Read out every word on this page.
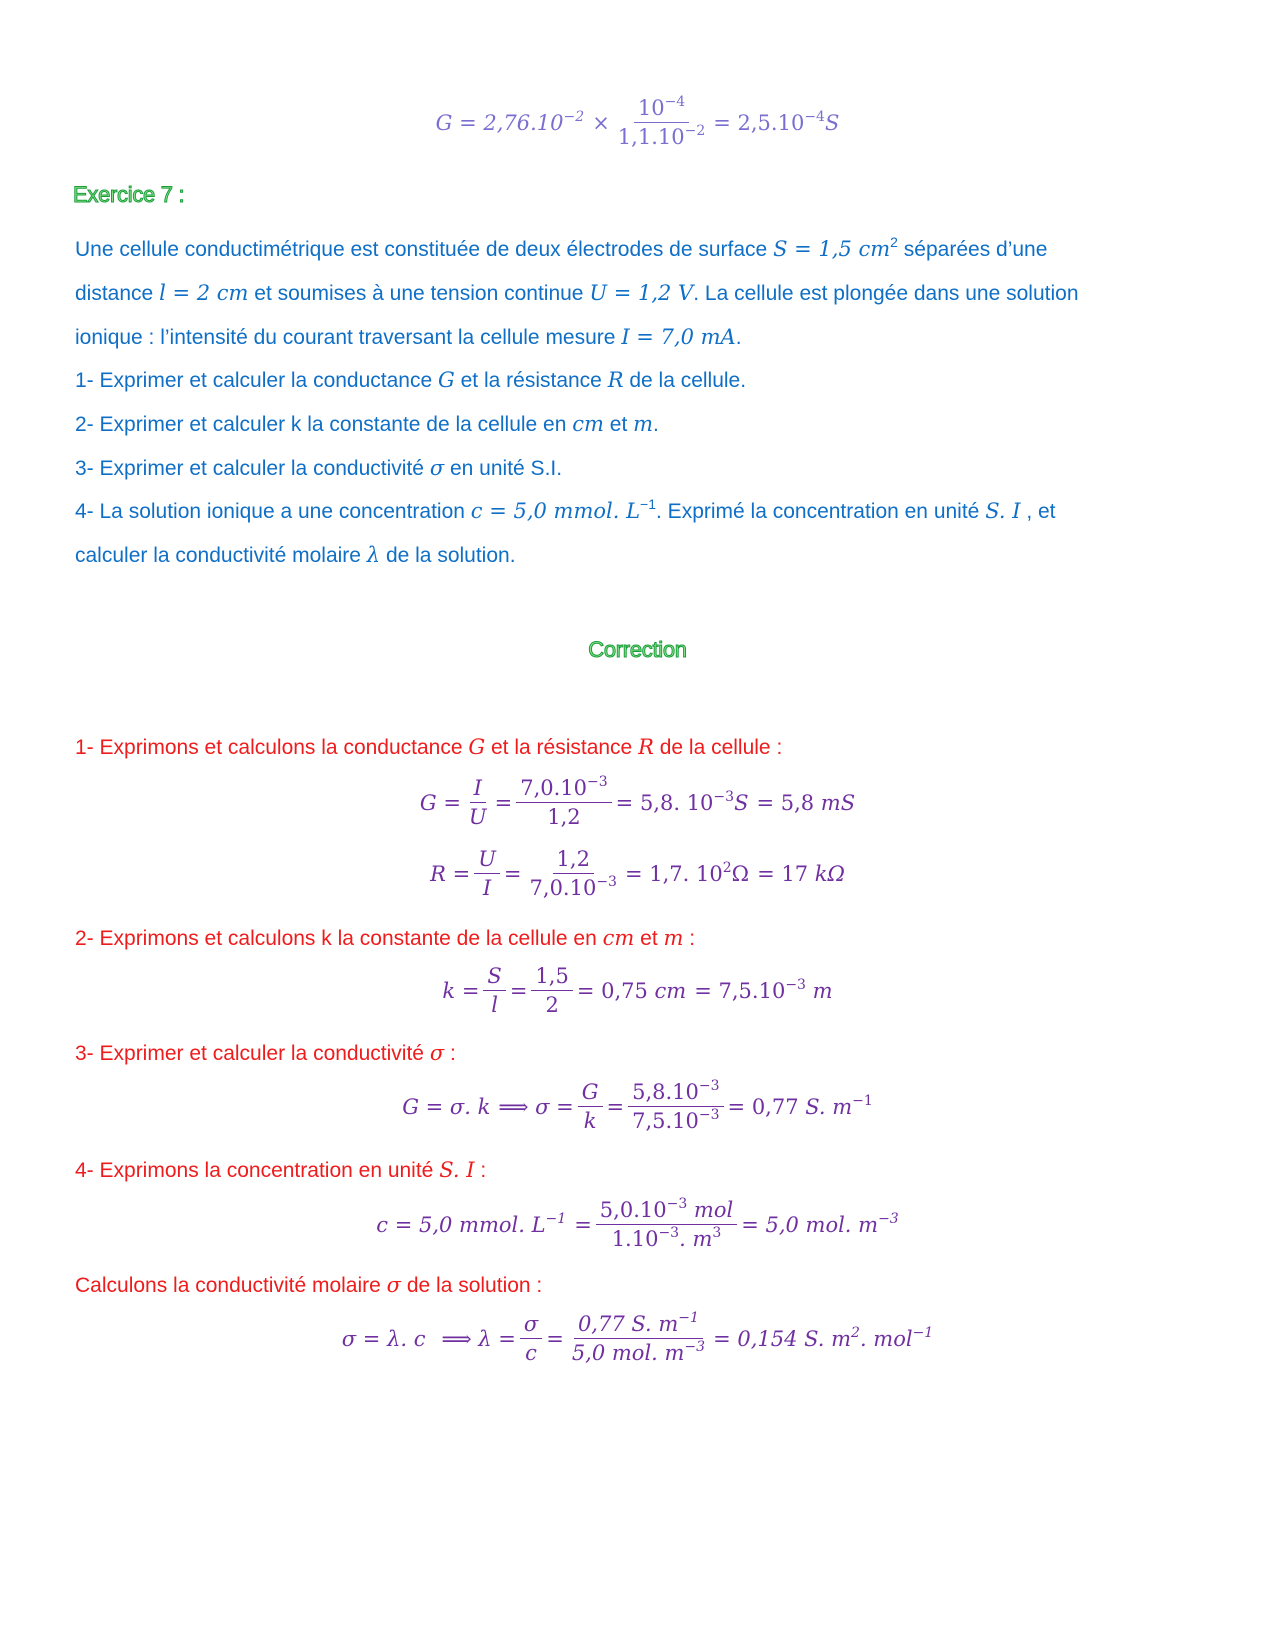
$G = 2,76.10^{-2} \times \frac{10^{-4}}{1,1.10^{-2}} = 2,5.10^{-4}S$
Exercice 7 :
Une cellule conductimétrique est constituée de deux électrodes de surface S = 1,5 $cm^2$ séparées d’une
distance l = 2 cm et soumises à une tension continue U = 1,2 V. La cellule est plongée dans une solution
ionique : l’intensité du courant traversant la cellule mesure I = 7,0 mA.
1- Exprimer et calculer la conductance G et la résistance R de la cellule.
2- Exprimer et calculer k la constante de la cellule en cm et m.
3- Exprimer et calculer la conductivité σ en unité S.I.
4- La solution ionique a une concentration c = 5,0 mmol. $L^{-1}$. Exprimé la concentration en unité S. I , et
calculer la conductivité molaire λ de la solution.
Correction
1- Exprimons et calculons la conductance G et la résistance R de la cellule :
$G = \frac{I}{U} = \frac{7,0.10^{-3}}{1,2} = 5,8$. $10^{-3}S = 5,8$ mS
$R = \frac{U}{I} = \frac{1,2}{7,0.10^{-3}} = 1,7$. $10^2\Omega = 17$ kΩ
2- Exprimons et calculons k la constante de la cellule en cm et m :
$k = \frac{S}{l} = \frac{1,5}{2} = 0,75$ cm = $7,5.10^{-3}$ m
3- Exprimer et calculer la conductivité σ :
G = σ. k ⟹ $\sigma = \frac{G}{k} = \frac{5,8.10^{-3}}{7,5.10^{-3}} = 0,77$ S. $m^{-1}$
4- Exprimons la concentration en unité S. I :
c = 5,0 mmol. $L^{-1} = \frac{5,0.10^{-3} mol}{1.10^{-3}. m^3} = 5,0$ mol. $m^{-3}$
Calculons la conductivité molaire σ de la solution :
σ = λ. c ⟹ $\lambda = \frac{\sigma}{c} = \frac{0,77 S. m^{-1}}{5,0 mol. m^{-3}} = 0,154$ S. $m^2$. mol$^{-1}$
